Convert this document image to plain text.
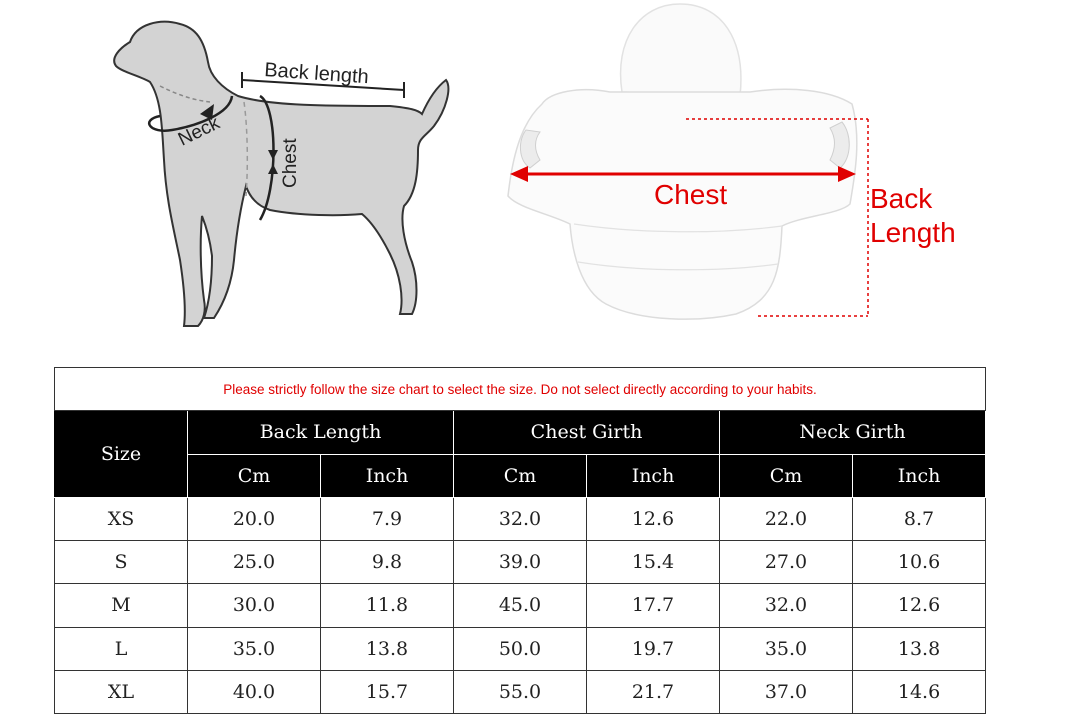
Back length
Neck
Chest
Chest	Back
Length
Please strictly follow the size chart to select the size. Do not select directly according to your habits.						
Size	Back Length		Chest Girth		Neck Girth	
	Cm	Inch	Cm	Inch	Cm	Inch
XS	20.0	7.9	32.0	12.6	22.0	8.7
S	25.0	9.8	39.0	15.4	27.0	10.6
M	30.0	11.8	45.0	17.7	32.0	12.6
L	35.0	13.8	50.0	19.7	35.0	13.8
XL	40.0	15.7	55.0	21.7	37.0	14.6
